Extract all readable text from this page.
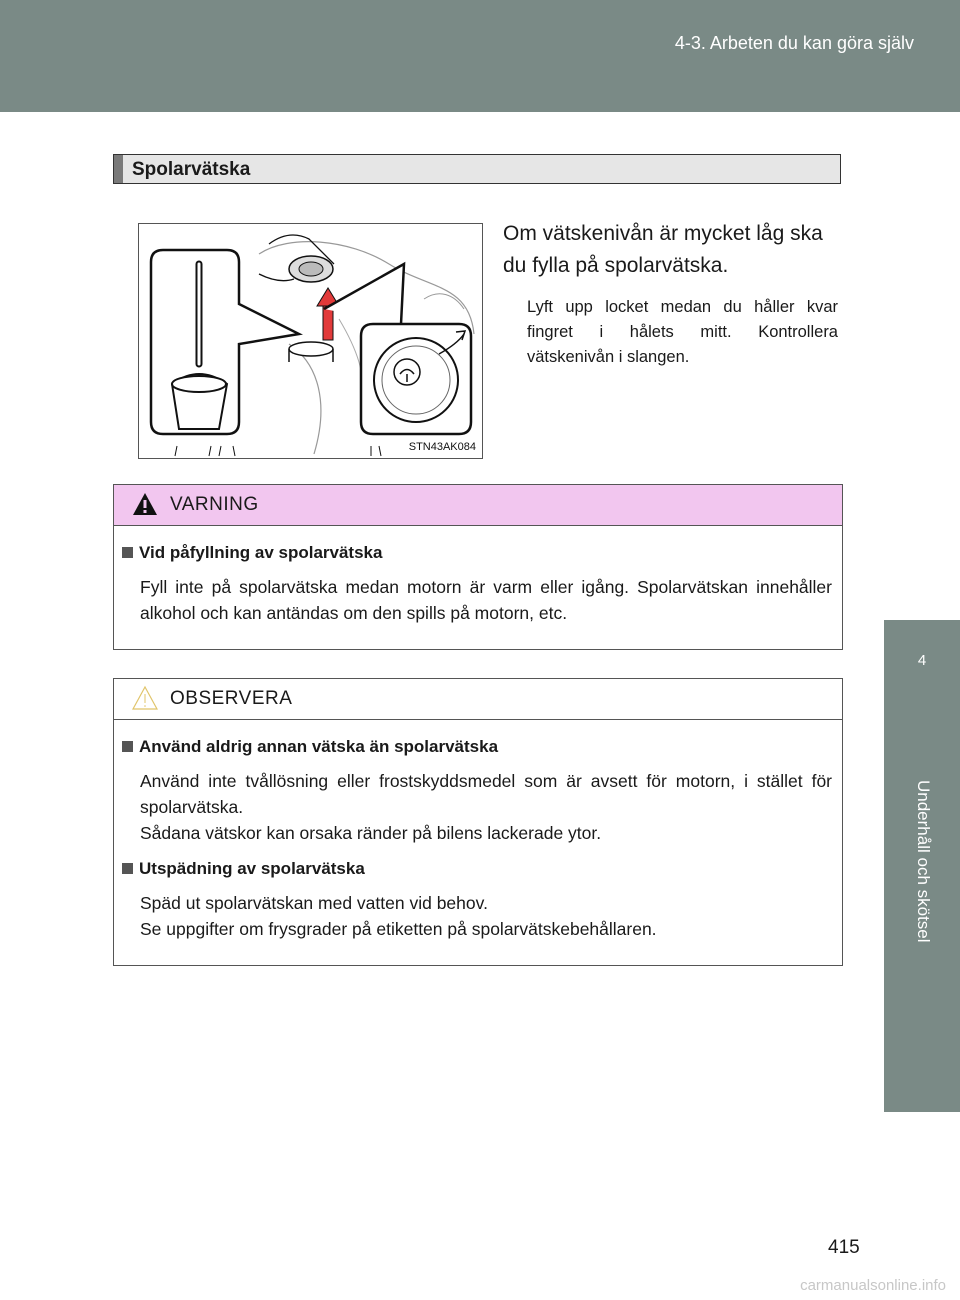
4-3. Arbeten du kan göra själv
4
Underhåll och skötsel
Spolarvätska
STN43AK084
Om vätskenivån är mycket låg ska du fylla på spolarvätska.
Lyft upp locket medan du håller kvar fingret i hålets mitt. Kontrollera vätskenivån i slangen.
VARNING
Vid påfyllning av spolarvätska
Fyll inte på spolarvätska medan motorn är varm eller igång. Spolarvätskan innehåller alkohol och kan antändas om den spills på motorn, etc.
OBSERVERA
Använd aldrig annan vätska än spolarvätska
Använd inte tvållösning eller frostskyddsmedel som är avsett för motorn, i stället för spolarvätska.
Sådana vätskor kan orsaka ränder på bilens lackerade ytor.
Utspädning av spolarvätska
Späd ut spolarvätskan med vatten vid behov.
Se uppgifter om frysgrader på etiketten på spolarvätskebehållaren.
415
carmanualsonline.info
